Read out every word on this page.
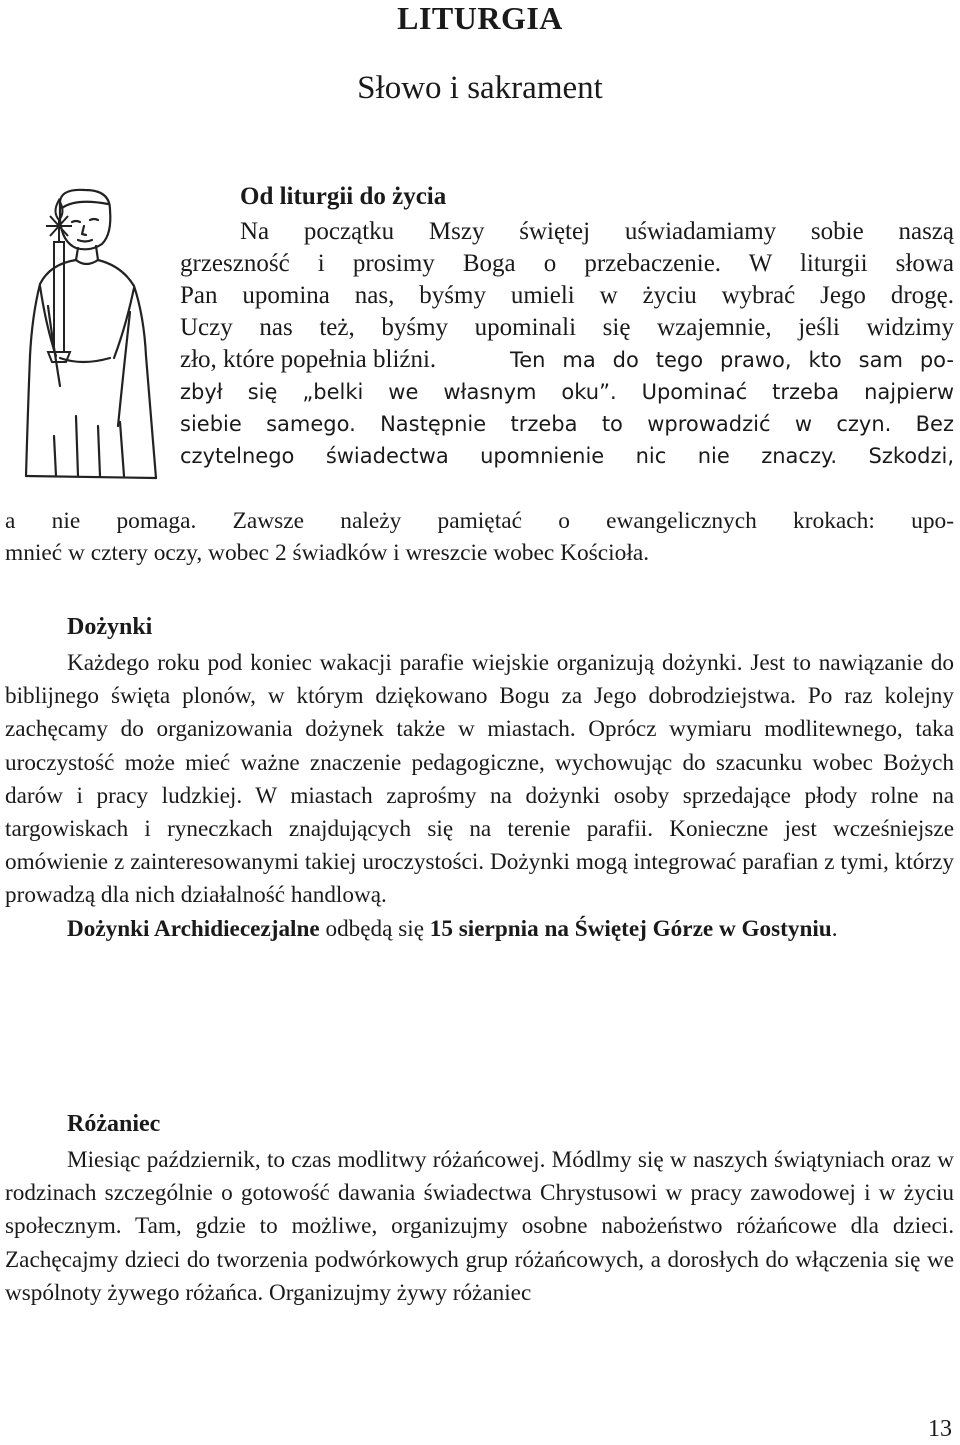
LITURGIA
Słowo i sakrament
Od liturgii do życia
Na początku Mszy świętej uświadamiamy sobie naszą
grzeszność i prosimy Boga o przebaczenie. W liturgii słowa
Pan upomina nas, byśmy umieli w życiu wybrać Jego drogę.
Uczy nas też, byśmy upominali się wzajemnie, jeśli widzimy
zło, które popełnia bliźni.	Ten ma do tego prawo, kto sam po-
zbył się „belki we własnym oku”. Upominać trzeba najpierw
siebie samego. Następnie trzeba to wprowadzić w czyn. Bez
czytelnego świadectwa upomnienie nic nie znaczy. Szkodzi,
a nie pomaga. Zawsze należy pamiętać o ewangelicznych krokach: upo-
mnieć w cztery oczy, wobec 2 świadków i wreszcie wobec Kościoła.
Dożynki

Każdego roku pod koniec wakacji parafie wiejskie organizują dożynki. Jest to nawiązanie do biblijnego święta plonów, w którym dziękowano Bogu za Jego dobrodziejstwa. Po raz kolejny zachęcamy do organizowania dożynek także w miastach. Oprócz wymiaru modlitewnego, taka uroczystość może mieć ważne znaczenie pedagogiczne, wychowując do szacunku wobec Bożych darów i pracy ludzkiej. W miastach zaprośmy na dożynki osoby sprzedające płody rolne na targowiskach i ryneczkach znajdujących się na terenie parafii. Konieczne jest wcześniejsze omówienie z zainteresowanymi takiej uroczystości. Dożynki mogą integrować parafian z tymi, którzy prowadzą dla nich działalność handlową.

Dożynki Archidiecezjalne odbędą się 15 sierpnia na Świętej Górze w Gostyniu.

Różaniec

Miesiąc październik, to czas modlitwy różańcowej. Módlmy się w naszych świątyniach oraz w rodzinach szczególnie o gotowość dawania świadectwa Chrystusowi w pracy zawodowej i w życiu społecznym. Tam, gdzie to możliwe, organizujmy osobne nabożeństwo różańcowe dla dzieci. Zachęcajmy dzieci do tworzenia podwórkowych grup różańcowych, a dorosłych do włączenia się we wspólnoty żywego różańca. Organizujmy żywy różaniec

13
